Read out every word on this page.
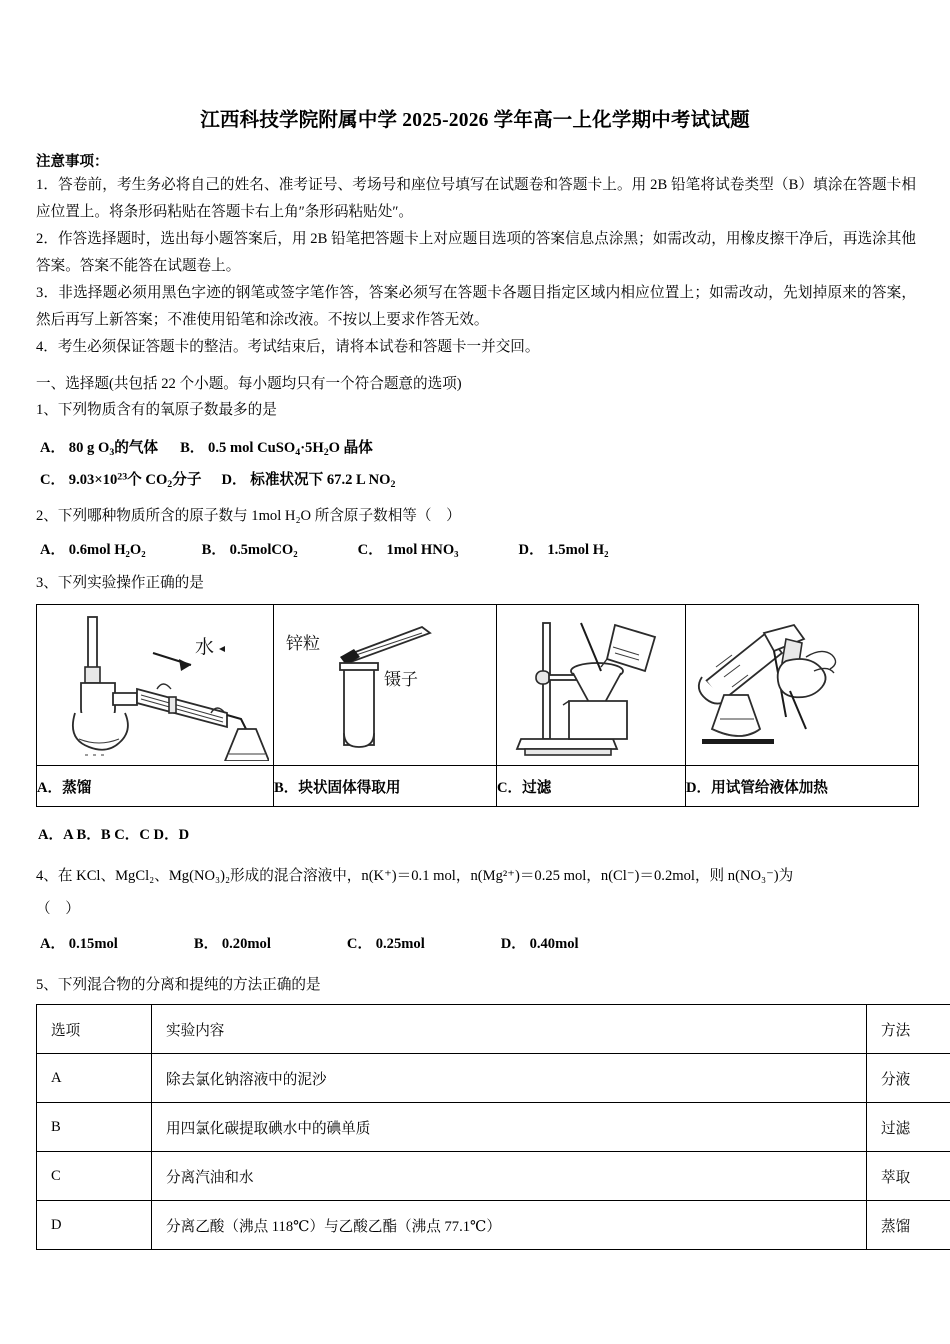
江西科技学院附属中学 2025-2026 学年高一上化学期中考试试题
注意事项：

1．答卷前，考生务必将自己的姓名、准考证号、考场号和座位号填写在试题卷和答题卡上。用 2B 铅笔将试卷类型（B）填涂在答题卡相应位置上。将条形码粘贴在答题卡右上角″条形码粘贴处″。

2．作答选择题时，选出每小题答案后，用 2B 铅笔把答题卡上对应题目选项的答案信息点涂黑；如需改动，用橡皮擦干净后，再选涂其他答案。答案不能答在试题卷上。

3．非选择题必须用黑色字迹的钢笔或签字笔作答，答案必须写在答题卡各题目指定区域内相应位置上；如需改动，先划掉原来的答案，然后再写上新答案；不准使用铅笔和涂改液。不按以上要求作答无效。

4．考生必须保证答题卡的整洁。考试结束后，请将本试卷和答题卡一并交回。

一、选择题(共包括 22 个小题。每小题均只有一个符合题意的选项)
1、下列物质含有的氧原子数最多的是
A． 80 g $O_3$的气体 B． 0.5 mol $CuSO_4\cdot 5H_2O$ 晶体
C． $9.03\times 10^{23}$个 $CO_2$分子 D． 标准状况下 67.2 L $NO_2$
2、下列哪种物质所含的原子数与 1mol H₂O 所含原子数相等（　）
A． 0.6mol H₂O₂	B． 0.5molCO₂	C． 1mol HNO₃	D． 1.5mol H₂
3、下列实验操作正确的是
水	锌粒
镊子

A．蒸馏	B．块状固体得取用	C．过滤	D．用试管给液体加热
A．A B．B C．C D．D
4、在 KCl、MgCl₂、Mg(NO₃)₂形成的混合溶液中，n(K⁺)＝0.1 mol，n(Mg²⁺)＝0.25 mol，n(Cl⁻)＝0.2mol，则 n(NO₃⁻)为
（　）
A． 0.15mol	B． 0.20mol	C． 0.25mol	D． 0.40mol
5、下列混合物的分离和提纯的方法正确的是
选项	实验内容	方法
A	除去氯化钠溶液中的泥沙	分液
B	用四氯化碳提取碘水中的碘单质	过滤
C	分离汽油和水	萃取
D	分离乙酸（沸点 118℃）与乙酸乙酯（沸点 77.1℃）	蒸馏
